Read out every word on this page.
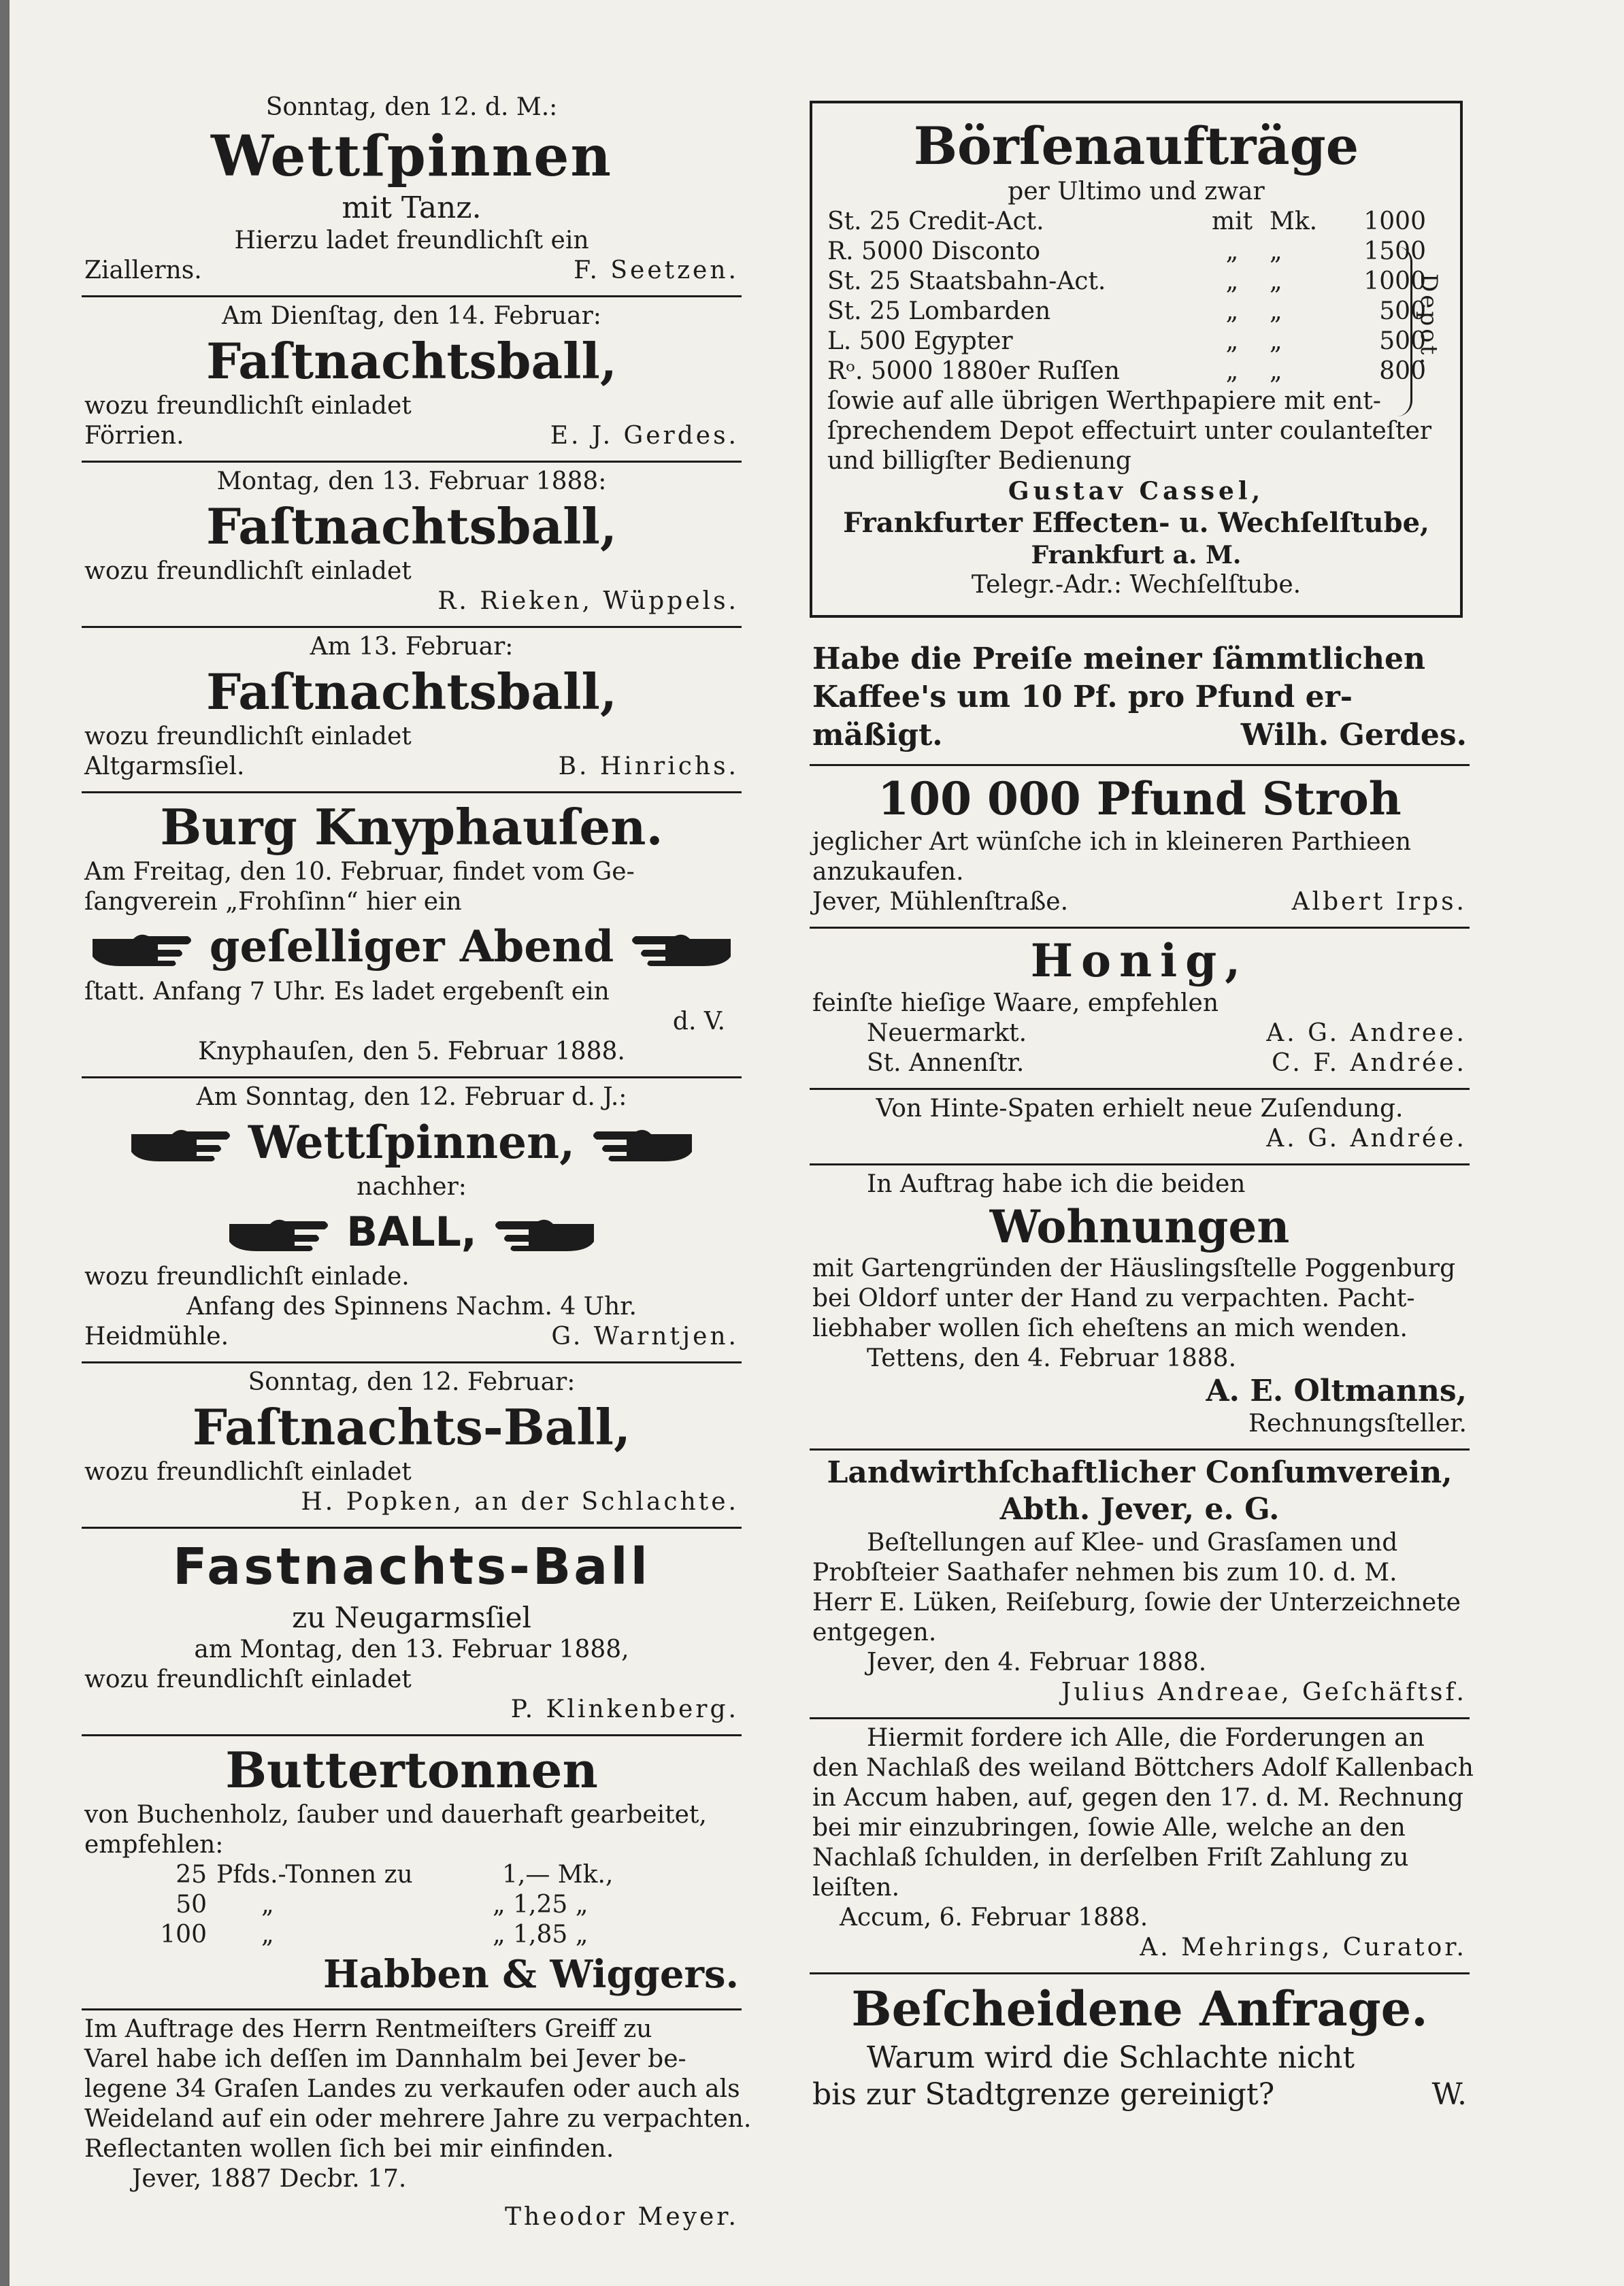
Sonntag, den 12. d. M.:
Wettſpinnen
mit Tanz.
Hierzu ladet freundlichſt ein
Ziallerns.	F. Seetzen.
Am Dienſtag, den 14. Februar:
Faſtnachtsball,
wozu freundlichſt einladet
Förrien.	E. J. Gerdes.
Montag, den 13. Februar 1888:
Faſtnachtsball,
wozu freundlichſt einladet
R. Rieken, Wüppels.
Am 13. Februar:
Faſtnachtsball,
wozu freundlichſt einladet
Altgarmsſiel.	B. Hinrichs.
Burg Knyphauſen.
Am Freitag, den 10. Februar, findet vom Ge-
ſangverein „Frohſinn“ hier ein
geſelliger Abend
ſtatt. Anfang 7 Uhr. Es ladet ergebenſt ein
d. V.
Knyphauſen, den 5. Februar 1888.
Am Sonntag, den 12. Februar d. J.:
Wettſpinnen,
nachher:
BALL,
wozu freundlichſt einlade.
Anfang des Spinnens Nachm. 4 Uhr.
Heidmühle.	G. Warntjen.
Sonntag, den 12. Februar:
Faſtnachts-Ball,
wozu freundlichſt einladet
H. Popken, an der Schlachte.
Fastnachts-Ball
zu Neugarmsſiel
am Montag, den 13. Februar 1888,
wozu freundlichſt einladet
P. Klinkenberg.
Buttertonnen
von Buchenholz, ſauber und dauerhaft gearbeitet,
empfehlen:
25 Pfds.-Tonnen zu	1,— Mk.,
50	„	„ 1,25 „
100	„	„ 1,85 „
Habben & Wiggers.
Im Auftrage des Herrn Rentmeiſters Greiff zu
Varel habe ich deſſen im Dannhalm bei Jever be-
legene 34 Graſen Landes zu verkaufen oder auch als
Weideland auf ein oder mehrere Jahre zu verpachten.
Reflectanten wollen ſich bei mir einfinden.
Jever, 1887 Decbr. 17.
Theodor Meyer.
Börſenaufträge
per Ultimo und zwar
St. 25 Credit-Act.	mit Mk.	1000
R. 5000 Disconto	„	„	1500
St. 25 Staatsbahn-Act.	„	„	1000
St. 25 Lombarden	„	„	500
L. 500 Egypter	„	„	500
Rᵒ. 5000 1880er Ruſſen	„	„	800
Depot.
ſowie auf alle übrigen Werthpapiere mit ent-
ſprechendem Depot effectuirt unter coulanteſter
und billigſter Bedienung
Gustav Cassel,
Frankfurter Effecten- u. Wechſelſtube,
Frankfurt a. M.
Telegr.-Adr.: Wechſelſtube.
Habe die Preiſe meiner ſämmtlichen
Kaffee's um 10 Pf. pro Pfund er-
mäßigt.	Wilh. Gerdes.
100 000 Pfund Stroh
jeglicher Art wünſche ich in kleineren Parthieen
anzukaufen.
Jever, Mühlenſtraße.	Albert Irps.
Honig,
feinſte hieſige Waare, empfehlen
Neuermarkt.	A. G. Andree.
St. Annenſtr.	C. F. Andrée.
Von Hinte-Spaten erhielt neue Zuſendung.
A. G. Andrée.
In Auftrag habe ich die beiden
Wohnungen
mit Gartengründen der Häuslingsſtelle Poggenburg
bei Oldorf unter der Hand zu verpachten. Pacht-
liebhaber wollen ſich eheſtens an mich wenden.
Tettens, den 4. Februar 1888.
A. E. Oltmanns,
Rechnungsſteller.
Landwirthſchaftlicher Conſumverein,
Abth. Jever, e. G.
Beſtellungen auf Klee- und Grasſamen und
Probſteier Saathafer nehmen bis zum 10. d. M.
Herr E. Lüken, Reiſeburg, ſowie der Unterzeichnete
entgegen.
Jever, den 4. Februar 1888.
Julius Andreae, Geſchäftsf.
Hiermit fordere ich Alle, die Forderungen an
den Nachlaß des weiland Böttchers Adolf Kallenbach
in Accum haben, auf, gegen den 17. d. M. Rechnung
bei mir einzubringen, ſowie Alle, welche an den
Nachlaß ſchulden, in derſelben Friſt Zahlung zu
leiſten.
Accum, 6. Februar 1888.
A. Mehrings, Curator.
Beſcheidene Anfrage.
Warum wird die Schlachte nicht
bis zur Stadtgrenze gereinigt?	W.
